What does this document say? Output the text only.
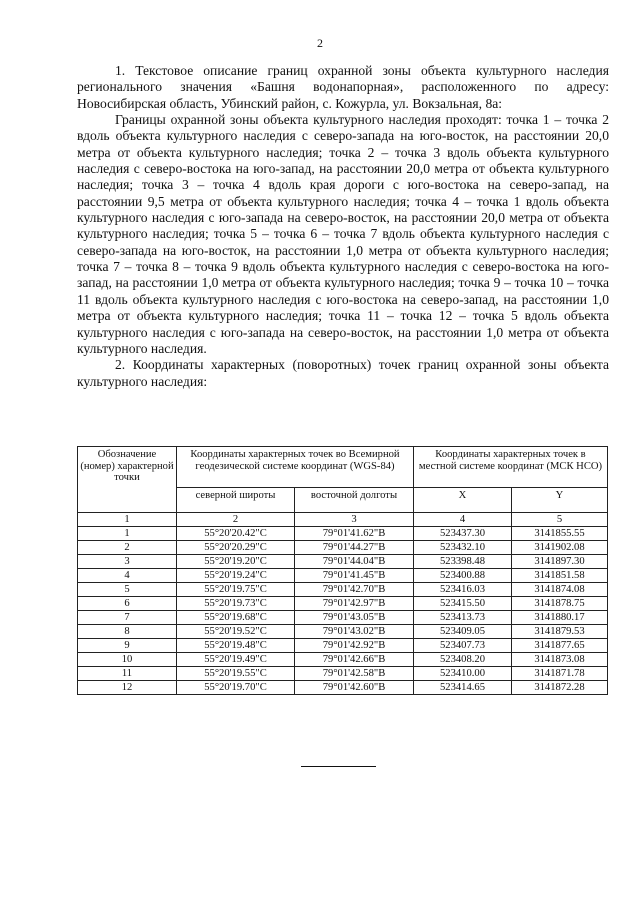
2

1. Текстовое описание границ охранной зоны объекта культурного наследия регионального значения «Башня водонапорная», расположенного по адресу: Новосибирская область, Убинский район, с. Кожурла, ул. Вокзальная, 8а:

Границы охранной зоны объекта культурного наследия проходят: точка 1 – точка 2 вдоль объекта культурного наследия с северо-запада на юго-восток, на расстоянии 20,0 метра от объекта культурного наследия; точка 2 – точка 3 вдоль объекта культурного наследия с северо-востока на юго-запад, на расстоянии 20,0 метра от объекта культурного наследия; точка 3 – точка 4 вдоль края дороги с юго-востока на северо-запад, на расстоянии 9,5 метра от объекта культурного наследия; точка 4 – точка 1 вдоль объекта культурного наследия с юго-запада на северо-восток, на расстоянии 20,0 метра от объекта культурного наследия; точка 5 – точка 6 – точка 7 вдоль объекта культурного наследия с северо-запада на юго-восток, на расстоянии 1,0 метра от объекта культурного наследия; точка 7 – точка 8 – точка 9 вдоль объекта культурного наследия с северо-востока на юго-запад, на расстоянии 1,0 метра от объекта культурного наследия; точка 9 – точка 10 – точка 11 вдоль объекта культурного наследия с юго-востока на северо-запад, на расстоянии 1,0 метра от объекта культурного наследия; точка 11 – точка 12 – точка 5 вдоль объекта культурного наследия с юго-запада на северо-восток, на расстоянии 1,0 метра от объекта культурного наследия.

2. Координаты характерных (поворотных) точек границ охранной зоны объекта культурного наследия:

Обозначение (номер) характерной точки	Координаты характерных точек во Всемирной геодезической системе координат (WGS-84)		Координаты характерных точек в местной системе координат (МСК НСО)	
	северной широты	восточной долготы	X	Y
1	2	3	4	5
1	55°20'20.42"С	79°01'41.62"В	523437.30	3141855.55
2	55°20'20.29"С	79°01'44.27"В	523432.10	3141902.08
3	55°20'19.20"С	79°01'44.04"В	523398.48	3141897.30
4	55°20'19.24"С	79°01'41.45"В	523400.88	3141851.58
5	55°20'19.75"С	79°01'42.70"В	523416.03	3141874.08
6	55°20'19.73"С	79°01'42.97"В	523415.50	3141878.75
7	55°20'19.68"С	79°01'43.05"В	523413.73	3141880.17
8	55°20'19.52"С	79°01'43.02"В	523409.05	3141879.53
9	55°20'19.48"С	79°01'42.92"В	523407.73	3141877.65
10	55°20'19.49"С	79°01'42.66"В	523408.20	3141873.08
11	55°20'19.55"С	79°01'42.58"В	523410.00	3141871.78
12	55°20'19.70"С	79°01'42.60"В	523414.65	3141872.28
